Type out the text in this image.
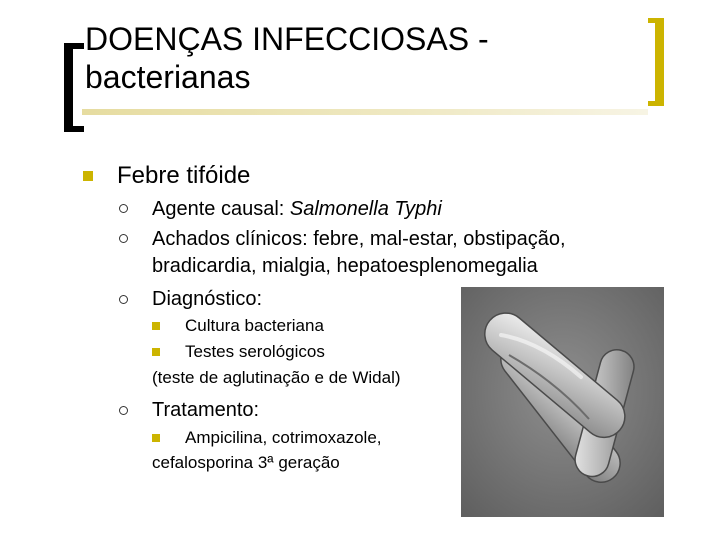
DOENÇAS INFECCIOSAS -
bacterianas
Febre tifóide
Agente causal: Salmonella Typhi
Achados clínicos: febre, mal-estar, obstipação,
bradicardia, mialgia, hepatoesplenomegalia
Diagnóstico:
Cultura bacteriana
Testes serológicos
(teste de aglutinação e de Widal)
Tratamento:
Ampicilina, cotrimoxazole,
cefalosporina 3ª geração
